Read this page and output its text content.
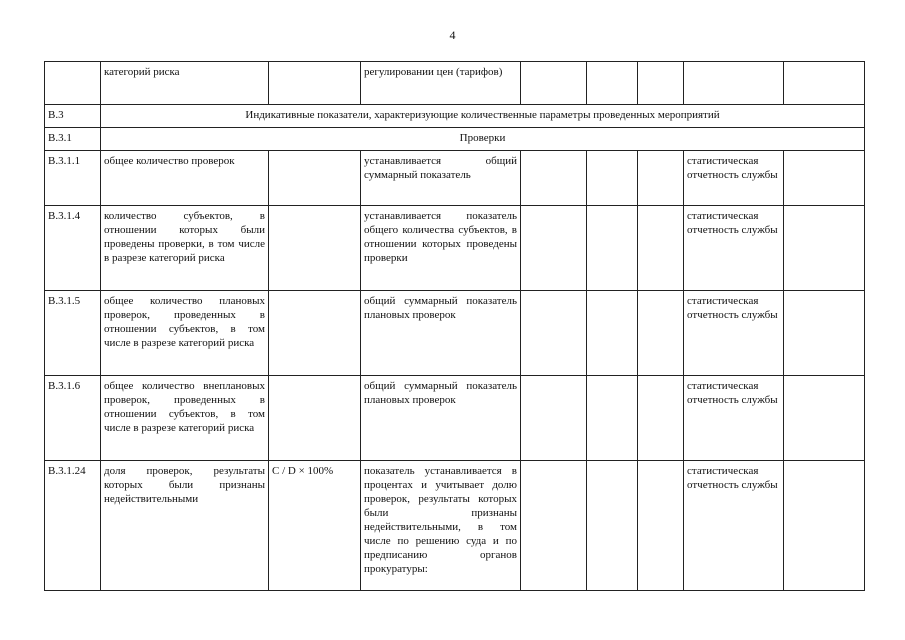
4
	категорий риска		регулировании цен (тарифов)					
B.3	Индикативные показатели, характеризующие количественные параметры проведенных мероприятий							
B.3.1	Проверки							
B.3.1.1	общее количество проверок		устанавливается общий суммарный показатель				статистическая отчетность службы	
B.3.1.4	количество субъектов, в отношении которых были проведены проверки, в том числе в разрезе категорий риска		устанавливается показатель общего количества субъектов, в отношении которых проведены проверки				статистическая отчетность службы	
B.3.1.5	общее количество плановых проверок, проведенных в отношении субъектов, в том числе в разрезе категорий риска		общий суммарный показатель плановых проверок				статистическая отчетность службы	
B.3.1.6	общее количество внеплановых проверок, проведенных в отношении субъектов, в том числе в разрезе категорий риска		общий суммарный показатель плановых проверок				статистическая отчетность службы	
B.3.1.24	доля проверок, результаты которых были признаны недействительными	C / D × 100%	показатель устанавливается в процентах и учитывает долю проверок, результаты которых были признаны недействительными, в том числе по решению суда и по предписанию органов прокуратуры:				статистическая отчетность службы	
